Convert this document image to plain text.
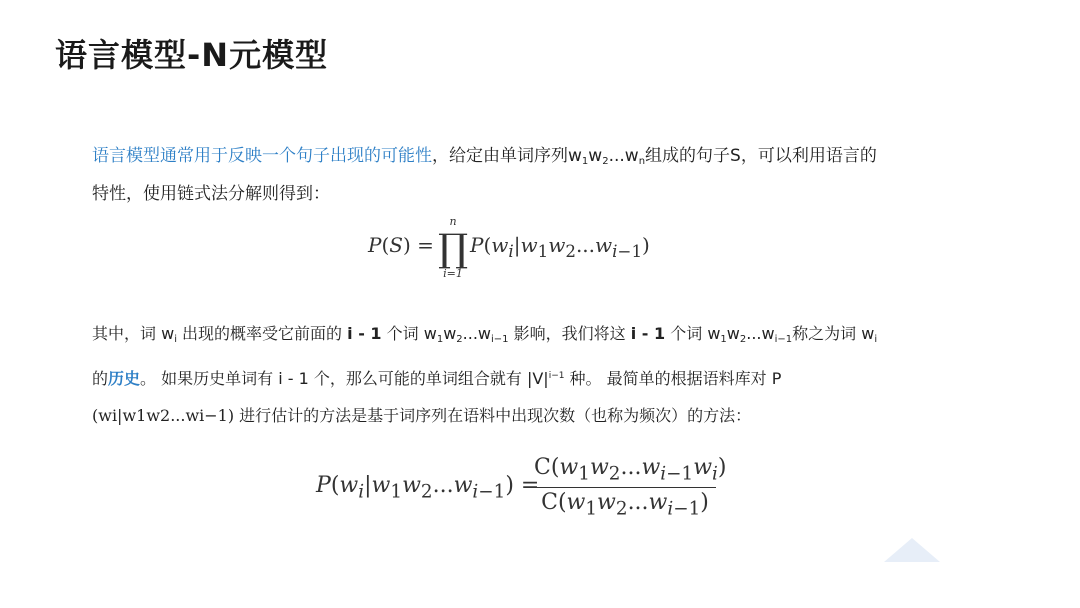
语言模型-N元模型
语言模型通常用于反映一个句子出现的可能性，给定由单词序列w1w2...wn组成的句子S，可以利用语言的
特性，使用链式法分解则得到：
P(S) =
n
∏
i=1
$P(w_i|w_1w_2...w_{i-1})$
其中，词 wi 出现的概率受它前面的 i - 1 个词 w1w2...wi−1 影响，我们将这 i - 1 个词 w1w2...wi−1称之为词 wi
的历史。 如果历史单词有 i - 1 个，那么可能的单词组合就有 $|V|^{i-1}$ 种。 最简单的根据语料库对 P
(wi|w1w2...wi−1) 进行估计的方法是基于词序列在语料中出现次数（也称为频次）的方法：
$P(w_i|w_1w_2...w_{i-1})$ =
$C(w_1w_2...w_{i-1}w_i)$
$C(w_1w_2...w_{i-1})$
